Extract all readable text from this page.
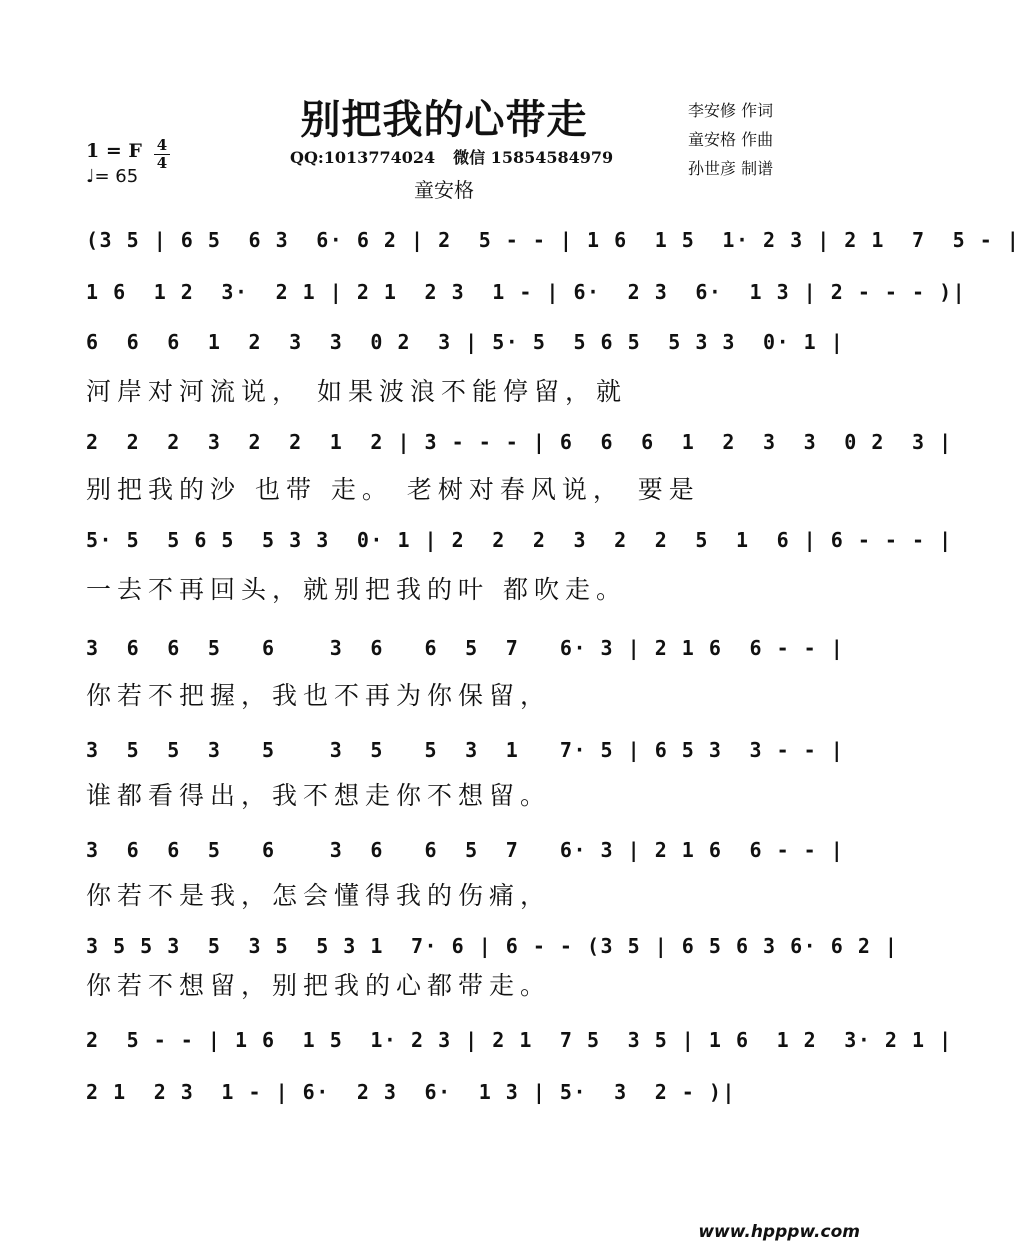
别把我的心带走
QQ:1013774024 微信 15854584979
童安格
李安修 作词
童安格 作曲
孙世彦 制谱
1 = F 4
4
♩= 65
(3 5 | 6 5  6 3  6· 6 2 | 2  5 - - | 1 6  1 5  1· 2 3 | 2 1  7  5 - |
1 6  1 2  3·  2 1 | 2 1  2 3  1 - | 6·  2 3  6·  1 3 | 2 - - - )|
6  6  6  1  2  3  3  0 2  3 | 5· 5  5 6 5  5 3 3  0· 1 |
河岸对河流说， 如果波浪不能停留，就
2  2  2  3  2  2  1  2 | 3 - - - | 6  6  6  1  2  3  3  0 2  3 |
别把我的沙 也带 走。 老树对春风说， 要是
5· 5  5 6 5  5 3 3  0· 1 | 2  2  2  3  2  2  5  1  6 | 6 - - - |
一去不再回头，就别把我的叶 都吹走。
3  6  6  5   6    3  6   6  5  7   6· 3 | 2 1 6  6 - - |
你若不把握，我也不再为你保留，
3  5  5  3   5    3  5   5  3  1   7· 5 | 6 5 3  3 - - |
谁都看得出，我不想走你不想留。
3  6  6  5   6    3  6   6  5  7   6· 3 | 2 1 6  6 - - |
你若不是我，怎会懂得我的伤痛，
3 5 5 3  5  3 5  5 3 1  7· 6 | 6 - - (3 5 | 6 5 6 3 6· 6 2 |
你若不想留，别把我的心都带走。
2  5 - - | 1 6  1 5  1· 2 3 | 2 1  7 5  3 5 | 1 6  1 2  3· 2 1 |
2 1  2 3  1 - | 6·  2 3  6·  1 3 | 5·  3  2 - )|
www.hpppw.com
